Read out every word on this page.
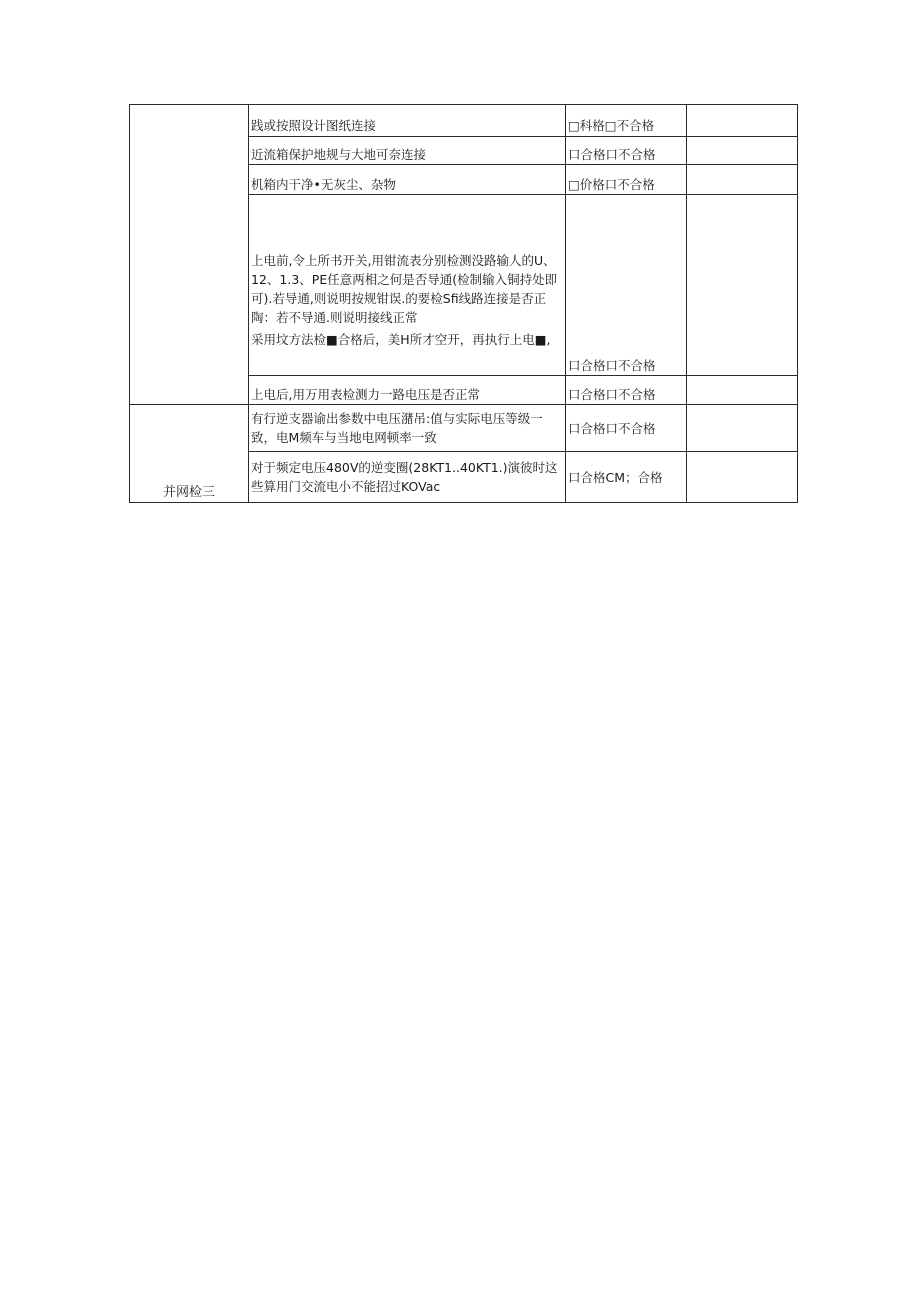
	践或按照设计图纸连接	□科格□不合格	
	近流箱保护地规与大地可奈连接	口合格口不合格	
	机箱内干净•无灰尘、杂物	□价格口不合格	

	上电前,令上所书开关,用钳流表分别检测没路输人的U、12、1.3、PE任意两相之何是否导通(检制输入铜持处即可).若导通,则说明按规钳误.的要检Sfi线路连接是否正陶：若不导通.则说明接线正常
采用坟方法检■合格后，美H所才空开，再执行上电■,	口合格口不合格	
	上电后,用万用表检测力一路电压是否正常	口合格口不合格	
并网检三	有行逆支器谕出参数中电压潴吊:值与实际电压等级一致，电M频车与当地电网顿率一致	口合格口不合格	
	对于频定电压480V的逆变圈(28KT1..40KT1.)演彼时这些算用门交流电小不能招过KOVac	口合格CM；合格	
